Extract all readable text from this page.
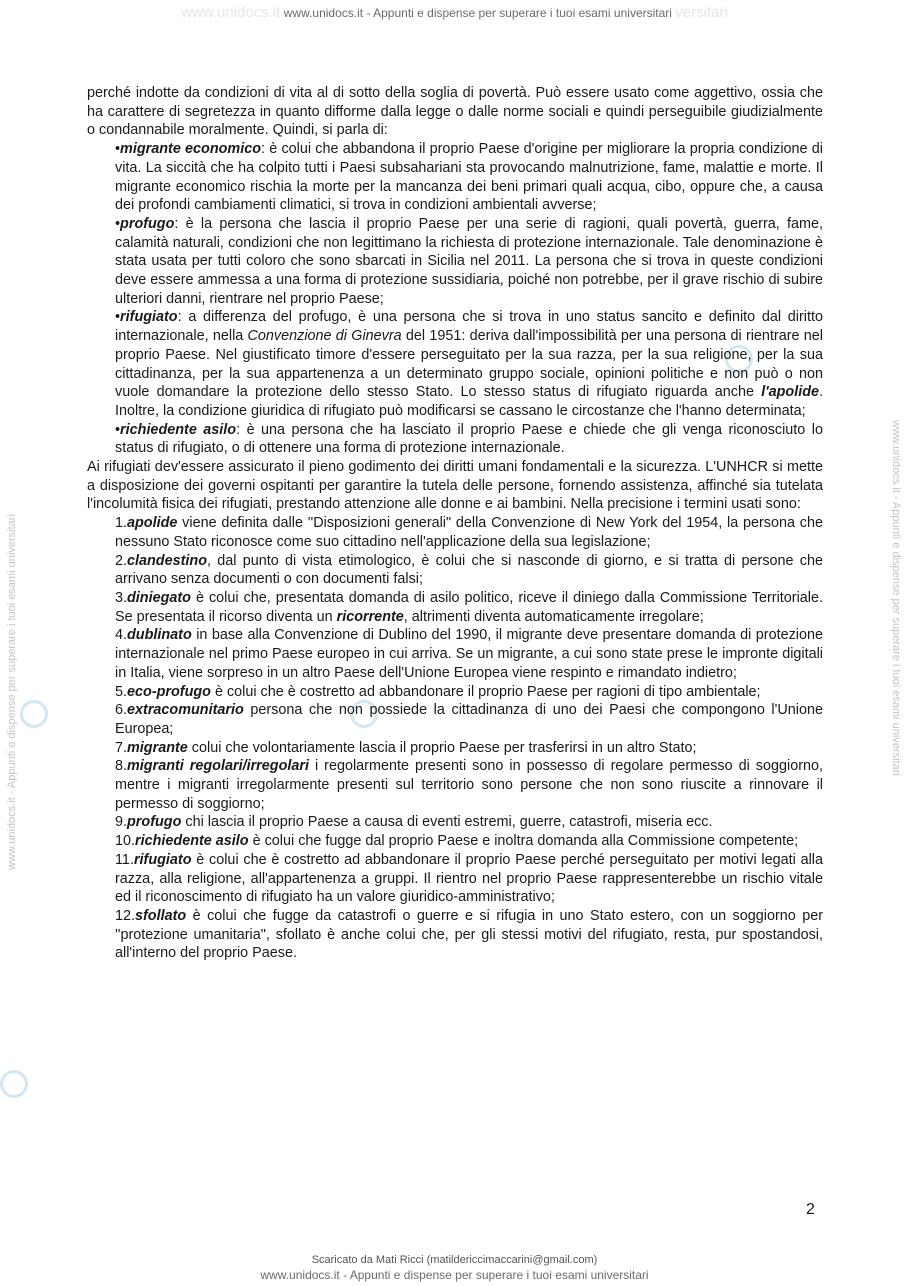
www.unidocs.it www.unidocs.it - Appunti e dispense per superare i tuoi esami universitari versitari
www.unidocs.it - Appunti e dispense per superare i tuoi esami universitari	www.unidocs.it - Appunti e dispense per superare i tuoi esami universitari

perché indotte da condizioni di vita al di sotto della soglia di povertà. Può essere usato come aggettivo, ossia che ha carattere di segretezza in quanto difforme dalla legge o dalle norme sociali e quindi perseguibile giudizialmente o condannabile moralmente. Quindi, si parla di:

•migrante economico: è colui che abbandona il proprio Paese d'origine per migliorare la propria condizione di vita. La siccità che ha colpito tutti i Paesi subsahariani sta provocando malnutrizione, fame, malattie e morte. Il migrante economico rischia la morte per la mancanza dei beni primari quali acqua, cibo, oppure che, a causa dei profondi cambiamenti climatici, si trova in condizioni ambientali avverse;

•profugo: è la persona che lascia il proprio Paese per una serie di ragioni, quali povertà, guerra, fame, calamità naturali, condizioni che non legittimano la richiesta di protezione internazionale. Tale denominazione è stata usata per tutti coloro che sono sbarcati in Sicilia nel 2011. La persona che si trova in queste condizioni deve essere ammessa a una forma di protezione sussidiaria, poiché non potrebbe, per il grave rischio di subire ulteriori danni, rientrare nel proprio Paese;

•rifugiato: a differenza del profugo, è una persona che si trova in uno status sancito e definito dal diritto internazionale, nella Convenzione di Ginevra del 1951: deriva dall'impossibilità per una persona di rientrare nel proprio Paese. Nel giustificato timore d'essere perseguitato per la sua razza, per la sua religione, per la sua cittadinanza, per la sua appartenenza a un determinato gruppo sociale, opinioni politiche e non può o non vuole domandare la protezione dello stesso Stato. Lo stesso status di rifugiato riguarda anche l'apolide. Inoltre, la condizione giuridica di rifugiato può modificarsi se cassano le circostanze che l'hanno determinata;

•richiedente asilo: è una persona che ha lasciato il proprio Paese e chiede che gli venga riconosciuto lo status di rifugiato, o di ottenere una forma di protezione internazionale.

Ai rifugiati dev'essere assicurato il pieno godimento dei diritti umani fondamentali e la sicurezza. L'UNHCR si mette a disposizione dei governi ospitanti per garantire la tutela delle persone, fornendo assistenza, affinché sia tutelata l'incolumità fisica dei rifugiati, prestando attenzione alle donne e ai bambini. Nella precisione i termini usati sono:

1.apolide viene definita dalle ''Disposizioni generali" della Convenzione di New York del 1954, la persona che nessuno Stato riconosce come suo cittadino nell'applicazione della sua legislazione;

2.clandestino, dal punto di vista etimologico, è colui che si nasconde di giorno, e si tratta di persone che arrivano senza documenti o con documenti falsi;

3.diniegato è colui che, presentata domanda di asilo politico, riceve il diniego dalla Commissione Territoriale. Se presentata il ricorso diventa un ricorrente, altrimenti diventa automaticamente irregolare;

4.dublinato in base alla Convenzione di Dublino del 1990, il migrante deve presentare domanda di protezione internazionale nel primo Paese europeo in cui arriva. Se un migrante, a cui sono state prese le impronte digitali in Italia, viene sorpreso in un altro Paese dell'Unione Europea viene respinto e rimandato indietro;

5.eco-profugo è colui che è costretto ad abbandonare il proprio Paese per ragioni di tipo ambientale;

6.extracomunitario persona che non possiede la cittadinanza di uno dei Paesi che compongono l'Unione Europea;

7.migrante colui che volontariamente lascia il proprio Paese per trasferirsi in un altro Stato;

8.migranti regolari/irregolari i regolarmente presenti sono in possesso di regolare permesso di soggiorno, mentre i migranti irregolarmente presenti sul territorio sono persone che non sono riuscite a rinnovare il permesso di soggiorno;

9.profugo chi lascia il proprio Paese a causa di eventi estremi, guerre, catastrofi, miseria ecc.

10.richiedente asilo è colui che fugge dal proprio Paese e inoltra domanda alla Commissione competente;

11.rifugiato è colui che è costretto ad abbandonare il proprio Paese perché perseguitato per motivi legati alla razza, alla religione, all'appartenenza a gruppi. Il rientro nel proprio Paese rappresenterebbe un rischio vitale ed il riconoscimento di rifugiato ha un valore giuridico-amministrativo;

12.sfollato è colui che fugge da catastrofi o guerre e si rifugia in uno Stato estero, con un soggiorno per ''protezione umanitaria", sfollato è anche colui che, per gli stessi motivi del rifugiato, resta, pur spostandosi, all'interno del proprio Paese.

2
Scaricato da Mati Ricci (matildericcimaccarini@gmail.com)
www.unidocs.it - Appunti e dispense per superare i tuoi esami universitari
